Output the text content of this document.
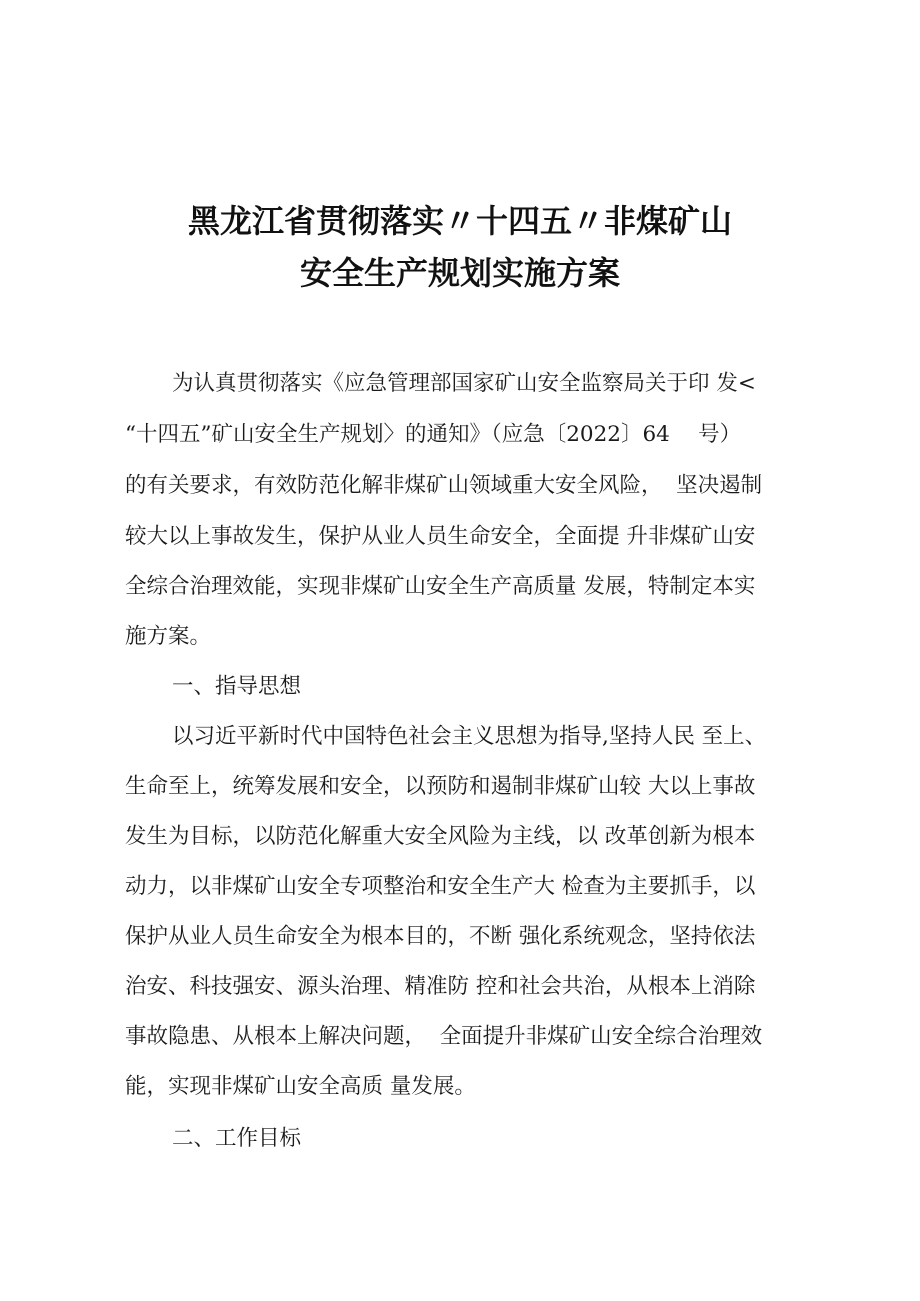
黑龙江省贯彻落实〃十四五〃非煤矿山
安全生产规划实施方案
为认真贯彻落实《应急管理部国家矿山安全监察局关于印 发<
“十四五”矿山安全生产规划〉的通知》（应急〔2022〕64　 号）
的有关要求，有效防范化解非煤矿山领域重大安全风险，  坚决遏制
较大以上事故发生，保护从业人员生命安全，全面提 升非煤矿山安
全综合治理效能，实现非煤矿山安全生产高质量 发展，特制定本实
施方案。
一、指导思想
以习近平新时代中国特色社会主义思想为指导,坚持人民 至上、
生命至上，统筹发展和安全，以预防和遏制非煤矿山较 大以上事故
发生为目标，以防范化解重大安全风险为主线，以 改革创新为根本
动力，以非煤矿山安全专项整治和安全生产大 检查为主要抓手，以
保护从业人员生命安全为根本目的，不断 强化系统观念，坚持依法
治安、科技强安、源头治理、精准防 控和社会共治，从根本上消除
事故隐患、从根本上解决问题，  全面提升非煤矿山安全综合治理效
能，实现非煤矿山安全高质 量发展。
二、工作目标
